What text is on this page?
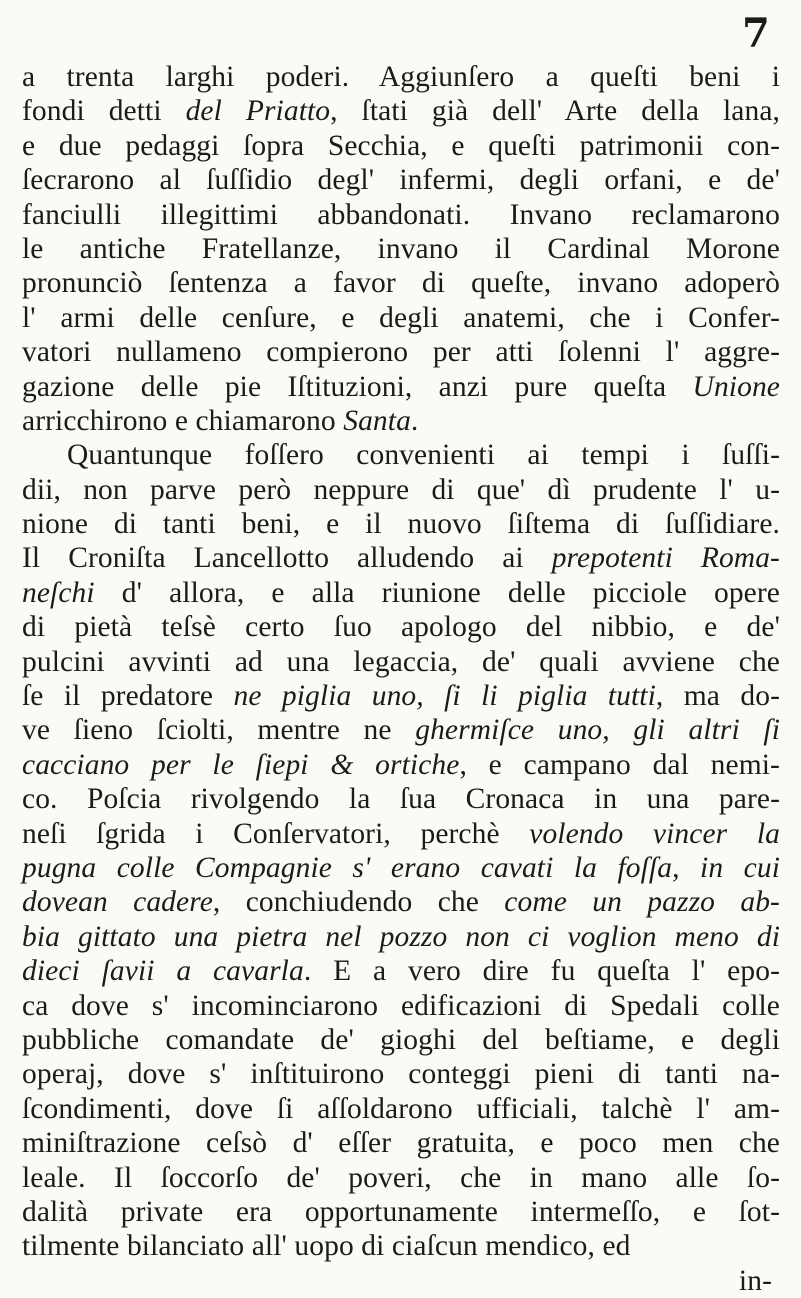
7
a trenta larghi poderi. Aggiunſero a queſti beni i
fondi detti del Priatto, ſtati già dell' Arte della lana,
e due pedaggi ſopra Secchia, e queſti patrimonii con-
ſecrarono al ſuſſidio degl' infermi, degli orfani, e de'
fanciulli illegittimi abbandonati. Invano reclamarono
le antiche Fratellanze, invano il Cardinal Morone
pronunciò ſentenza a favor di queſte, invano adoperò
l' armi delle cenſure, e degli anatemi, che i Confer-
vatori nullameno compierono per atti ſolenni l' aggre-
gazione delle pie Iſtituzioni, anzi pure queſta Unione
arricchirono e chiamarono Santa.
Quantunque foſſero convenienti ai tempi i ſuſſi-
dii, non parve però neppure di que' dì prudente l' u-
nione di tanti beni, e il nuovo ſiſtema di ſuſſidiare.
Il Croniſta Lancellotto alludendo ai prepotenti Roma-
neſchi d' allora, e alla riunione delle picciole opere
di pietà teſsè certo ſuo apologo del nibbio, e de'
pulcini avvinti ad una legaccia, de' quali avviene che
ſe il predatore ne piglia uno, ſi li piglia tutti, ma do-
ve ſieno ſciolti, mentre ne ghermiſce uno, gli altri ſi
cacciano per le ſiepi & ortiche, e campano dal nemi-
co. Poſcia rivolgendo la ſua Cronaca in una pare-
neſi ſgrida i Conſervatori, perchè volendo vincer la
pugna colle Compagnie s' erano cavati la foſſa, in cui
dovean cadere, conchiudendo che come un pazzo ab-
bia gittato una pietra nel pozzo non ci voglion meno di
dieci ſavii a cavarla. E a vero dire fu queſta l' epo-
ca dove s' incominciarono edificazioni di Spedali colle
pubbliche comandate de' gioghi del beſtiame, e degli
operaj, dove s' inſtituirono conteggi pieni di tanti na-
ſcondimenti, dove ſi aſſoldarono ufficiali, talchè l' am-
miniſtrazione ceſsò d' eſſer gratuita, e poco men che
leale. Il ſoccorſo de' poveri, che in mano alle ſo-
dalità private era opportunamente intermeſſo, e ſot-
tilmente bilanciato all' uopo di ciaſcun mendico, ed
in-
